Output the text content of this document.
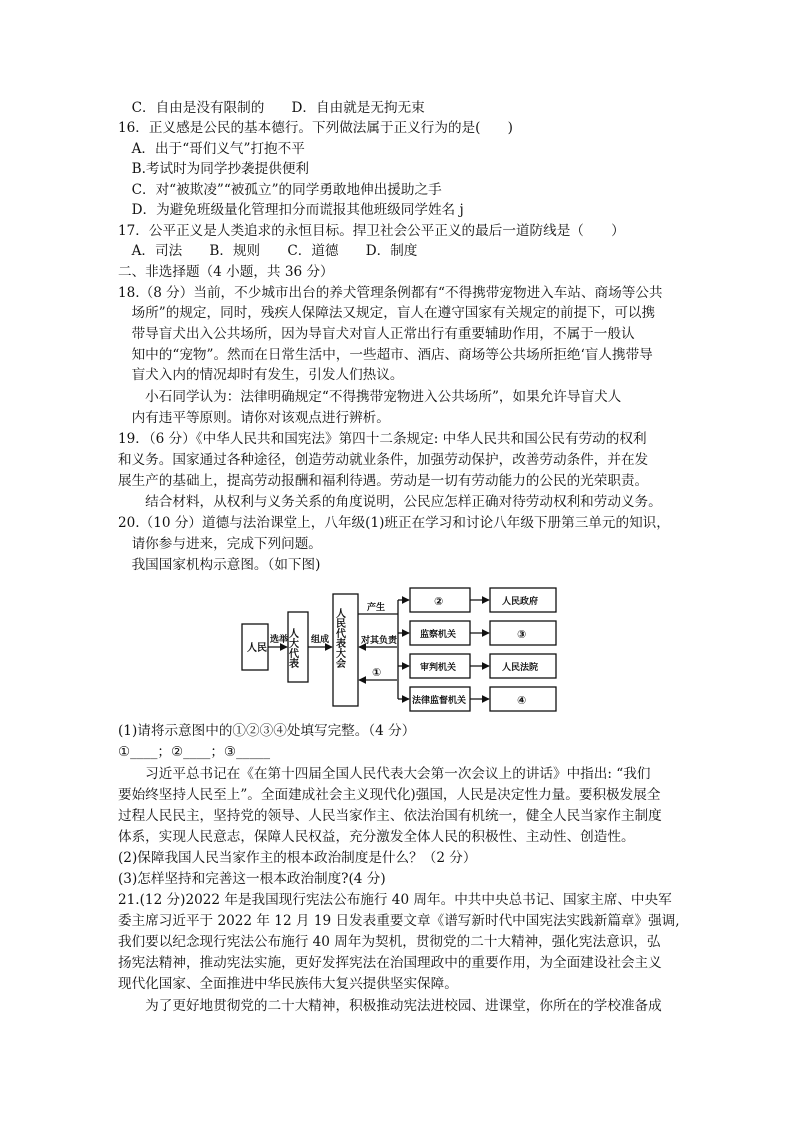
　C．自由是没有限制的　　D．自由就是无拘无束
16．正义感是公民的基本德行。下列做法属于正义行为的是(　　)
　A．出于“哥们义气”打抱不平
　B.考试时为同学抄袭提供便利
　C．对“被欺凌”“被孤立”的同学勇敢地伸出援助之手
　D．为避免班级量化管理扣分而谎报其他班级同学姓名 j
17．公平正义是人类追求的永恒目标。捍卫社会公平正义的最后一道防线是（　　）
　A．司法　　B．规则　　C．道德　　D．制度
二、非选择题（4 小题，共 36 分）
18.（8 分）当前，不少城市出台的养犬管理条例都有“不得携带宠物进入车站、商场等公共
　场所”的规定，同时，残疾人保障法又规定，盲人在遵守国家有关规定的前提下，可以携
　带导盲犬出入公共场所，因为导盲犬对盲人正常出行有重要辅助作用，不属于一般认
　知中的“宠物”。然而在日常生活中，一些超市、酒店、商场等公共场所拒绝‘盲人携带导
　盲犬入内的情况却时有发生，引发人们热议。
　　小石同学认为：法律明确规定“不得携带宠物进入公共场所”，如果允许导盲犬人
　内有违平等原则。请你对该观点进行辨析。
19．（6 分）《中华人民共和国宪法》第四十二条规定: 中华人民共和国公民有劳动的权利
和义务。国家通过各种途径，创造劳动就业条件，加强劳动保护，改善劳动条件，并在发
展生产的基础上，提高劳动报酬和福利待遇。劳动是一切有劳动能力的公民的光荣职责。
　　结合材料，从权利与义务关系的角度说明，公民应怎样正确对待劳动权利和劳动义务。
20.（10 分）道德与法治课堂上，八年级(1)班正在学习和讨论八年级下册第三单元的知识，
　请你参与进来，完成下列问题。
　我国国家机构示意图。（如下图)
人民
选举
人大代表 组成 人民代表大会	产生
对其负责
①
②
监察机关
审判机关
法律监督机关
人民政府
③
人民法院
④
(1)请将示意图中的①②③④处填写完整。（4 分）
①____；②____；③_____
　　习近平总书记在《在第十四届全国人民代表大会第一次会议上的讲话》中指出: “我们
要始终坚持人民至上”。全面建成社会主义现代化)强国，人民是决定性力量。要积极发展全
过程人民民主，坚持党的领导、人民当家作主、依法治国有机统一，健全人民当家作主制度
体系，实现人民意志，保障人民权益，充分激发全体人民的积极性、主动性、创造性。
(2)保障我国人民当家作主的根本政治制度是什么？（2 分）
(3)怎样坚持和完善这一根本政治制度?(4 分)
21.(12 分)2022 年是我国现行宪法公布施行 40 周年。中共中央总书记、国家主席、中央军
委主席习近平于 2022 年 12 月 19 日发表重要文章《谱写新时代中国宪法实践新篇章》强调,
我们要以纪念现行宪法公布施行 40 周年为契机，贯彻党的二十大精神，强化宪法意识，弘
扬宪法精神，推动宪法实施，更好发挥宪法在治国理政中的重要作用，为全面建设社会主义
现代化国家、全面推进中华民族伟大复兴提供坚实保障。
　　为了更好地贯彻党的二十大精神，积极推动宪法进校园、进课堂，你所在的学校准备成
